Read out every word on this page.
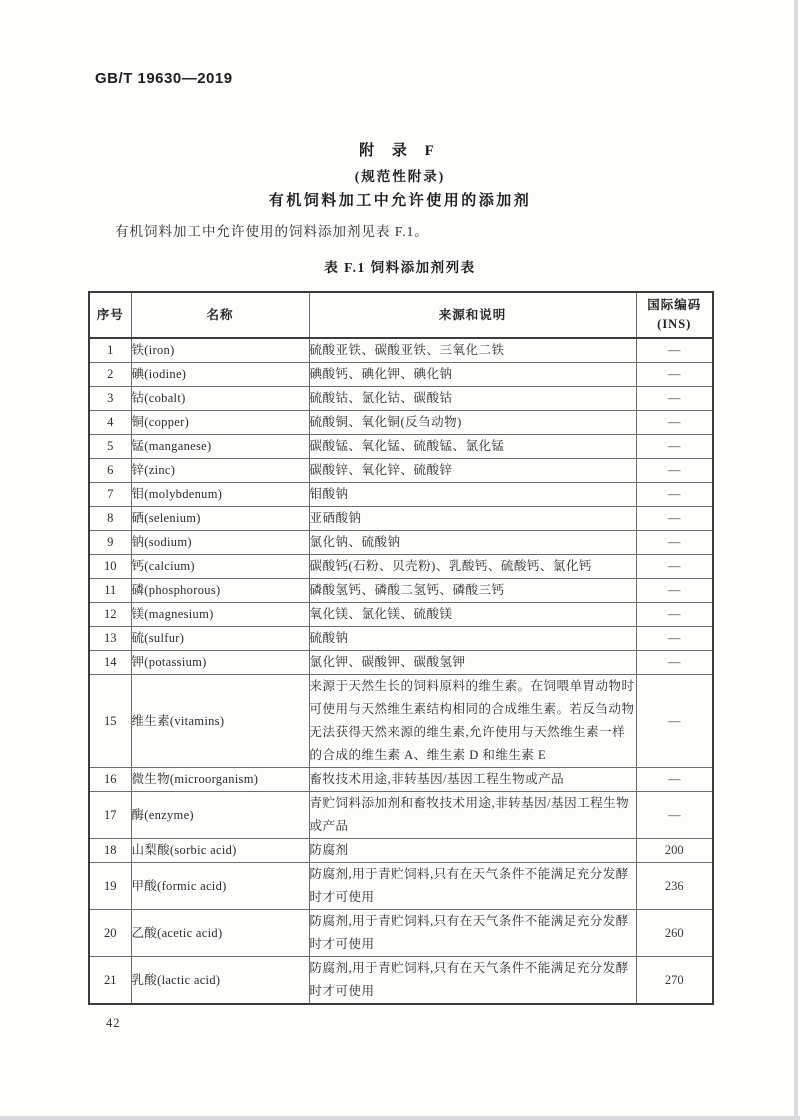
GB/T 19630—2019
附 录 F
(规范性附录)
有机饲料加工中允许使用的添加剂
有机饲料加工中允许使用的饲料添加剂见表 F.1。
表 F.1 饲料添加剂列表
序号	名称	来源和说明	国际编码
(INS)

1	铁(iron)	硫酸亚铁、碳酸亚铁、三氧化二铁	—
2	碘(iodine)	碘酸钙、碘化钾、碘化钠	—
3	钴(cobalt)	硫酸钴、氯化钴、碳酸钴	—
4	铜(copper)	硫酸铜、氧化铜(反刍动物)	—
5	锰(manganese)	碳酸锰、氧化锰、硫酸锰、氯化锰	—
6	锌(zinc)	碳酸锌、氧化锌、硫酸锌	—
7	钼(molybdenum)	钼酸钠	—
8	硒(selenium)	亚硒酸钠	—
9	钠(sodium)	氯化钠、硫酸钠	—
10	钙(calcium)	碳酸钙(石粉、贝壳粉)、乳酸钙、硫酸钙、氯化钙	—
11	磷(phosphorous)	磷酸氢钙、磷酸二氢钙、磷酸三钙	—
12	镁(magnesium)	氧化镁、氯化镁、硫酸镁	—
13	硫(sulfur)	硫酸钠	—
14	钾(potassium)	氯化钾、碳酸钾、碳酸氢钾	—
15	维生素(vitamins)	来源于天然生长的饲料原料的维生素。在饲喂单胃动物时可使用与天然维生素结构相同的合成维生素。若反刍动物无法获得天然来源的维生素,允许使用与天然维生素一样的合成的维生素 A、维生素 D 和维生素 E	—
16	微生物(microorganism)	畜牧技术用途,非转基因/基因工程生物或产品	—
17	酶(enzyme)	青贮饲料添加剂和畜牧技术用途,非转基因/基因工程生物或产品	—
18	山梨酸(sorbic acid)	防腐剂	200
19	甲酸(formic acid)	防腐剂,用于青贮饲料,只有在天气条件不能满足充分发酵时才可使用	236
20	乙酸(acetic acid)	防腐剂,用于青贮饲料,只有在天气条件不能满足充分发酵时才可使用	260
21	乳酸(lactic acid)	防腐剂,用于青贮饲料,只有在天气条件不能满足充分发酵时才可使用	270
42
